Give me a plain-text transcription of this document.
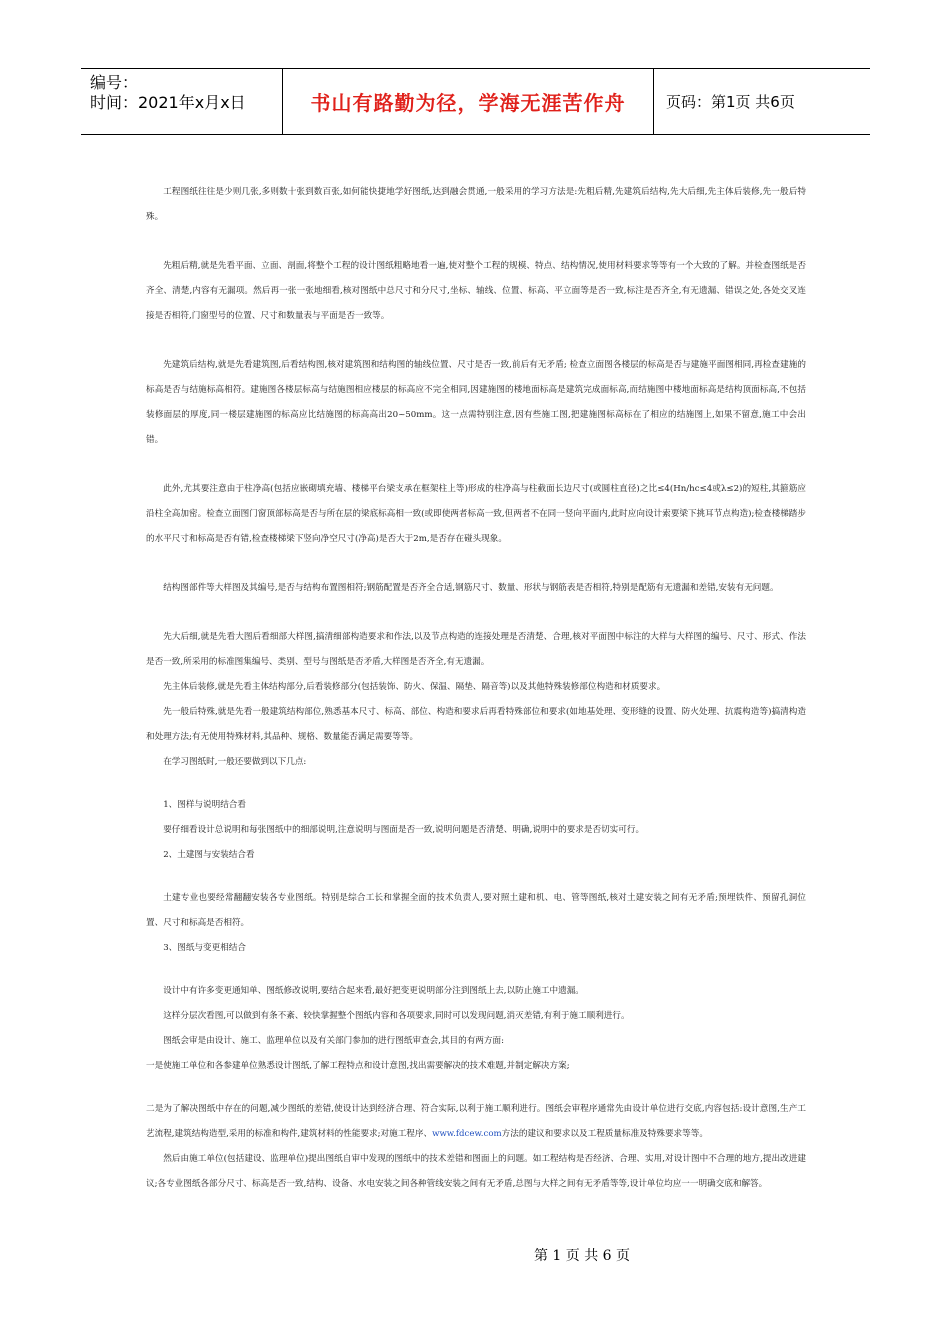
编号：
时间：2021年x月x日	书山有路勤为径，学海无涯苦作舟	页码：第1页 共6页

工程图纸往往是少则几张,多则数十张到数百张,如何能快捷地学好图纸,达到融会贯通,一般采用的学习方法是:先粗后精,先建筑后结构,先大后细,先主体后装修,先一般后特殊。

先粗后精,就是先看平面、立面、剖面,将整个工程的设计图纸粗略地看一遍,使对整个工程的规模、特点、结构情况,使用材料要求等等有一个大致的了解。并检查图纸是否齐全、清楚,内容有无漏项。然后再一张一张地细看,核对图纸中总尺寸和分尺寸,坐标、轴线、位置、标高、平立面等是否一致,标注是否齐全,有无遗漏、错误之处,各处交叉连接是否相符,门窗型号的位置、尺寸和数量表与平面是否一致等。

先建筑后结构,就是先看建筑图,后看结构图,核对建筑图和结构图的轴线位置、尺寸是否一致,前后有无矛盾; 检查立面图各楼层的标高是否与建施平面图相同,再检查建施的标高是否与结施标高相符。建施图各楼层标高与结施图相应楼层的标高应不完全相同,因建施图的楼地面标高是建筑完成面标高,而结施图中楼地面标高是结构顶面标高,不包括装修面层的厚度,同一楼层建施图的标高应比结施图的标高高出20~50mm。这一点需特别注意,因有些施工图,把建施图标高标在了相应的结施图上,如果不留意,施工中会出错。

此外,尤其要注意由于柱净高(包括应嵌砌填充墙、楼梯平台梁支承在框架柱上等)形成的柱净高与柱截面长边尺寸(或圆柱直径)之比≤4(Hn/hc≤4或λ≤2)的短柱,其箍筋应沿柱全高加密。检查立面图门窗顶部标高是否与所在层的梁底标高相一致(或即使两者标高一致,但两者不在同一竖向平面内,此时应向设计索要梁下挑耳节点构造);检查楼梯踏步的水平尺寸和标高是否有错,检查楼梯梁下竖向净空尺寸(净高)是否大于2m,是否存在碰头现象。

结构图部件等大样图及其编号,是否与结构布置图相符;钢筋配置是否齐全合适,钢筋尺寸、数量、形状与钢筋表是否相符,特别是配筋有无遗漏和差错,安装有无问题。

先大后细,就是先看大图后看细部大样图,搞清细部构造要求和作法,以及节点构造的连接处理是否清楚、合理,核对平面图中标注的大样与大样图的编号、尺寸、形式、作法是否一致,所采用的标准图集编号、类别、型号与图纸是否矛盾,大样图是否齐全,有无遗漏。

先主体后装修,就是先看主体结构部分,后看装修部分(包括装饰、防火、保温、隔垫、隔音等)以及其他特殊装修部位构造和材质要求。

先一般后特殊,就是先看一般建筑结构部位,熟悉基本尺寸、标高、部位、构造和要求后再看特殊部位和要求(如地基处理、变形缝的设置、防火处理、抗震构造等)搞清构造和处理方法;有无使用特殊材料,其品种、规格、数量能否满足需要等等。

在学习图纸时,一般还要做到以下几点:

1、图样与说明结合看

要仔细看设计总说明和每张图纸中的细部说明,注意说明与图面是否一致,说明问题是否清楚、明确,说明中的要求是否切实可行。

2、土建图与安装结合看

土建专业也要经常翻翻安装各专业图纸。特别是综合工长和掌握全面的技术负责人,要对照土建和机、电、管等图纸,核对土建安装之间有无矛盾;预埋铁件、预留孔洞位置、尺寸和标高是否相符。

3、图纸与变更相结合

设计中有许多变更通知单、图纸修改说明,要结合起来看,最好把变更说明部分注到图纸上去,以防止施工中遗漏。

这样分层次看图,可以做到有条不紊、较快掌握整个图纸内容和各项要求,同时可以发现问题,消灭差错,有利于施工顺利进行。

图纸会审是由设计、施工、监理单位以及有关部门参加的进行图纸审查会,其目的有两方面:

一是使施工单位和各参建单位熟悉设计图纸,了解工程特点和设计意图,找出需要解决的技术难题,并制定解决方案;

二是为了解决图纸中存在的问题,减少图纸的差错,使设计达到经济合理、符合实际,以利于施工顺利进行。图纸会审程序通常先由设计单位进行交底,内容包括:设计意图,生产工艺流程,建筑结构造型,采用的标准和构件,建筑材料的性能要求;对施工程序、www.fdcew.com方法的建议和要求以及工程质量标准及特殊要求等等。

然后由施工单位(包括建设、监理单位)提出图纸自审中发现的图纸中的技术差错和图面上的问题。如工程结构是否经济、合理、实用,对设计图中不合理的地方,提出改进建议;各专业图纸各部分尺寸、标高是否一致,结构、设备、水电安装之间各种管线安装之间有无矛盾,总图与大样之间有无矛盾等等,设计单位均应一一明确交底和解答。

第 1 页 共 6 页
